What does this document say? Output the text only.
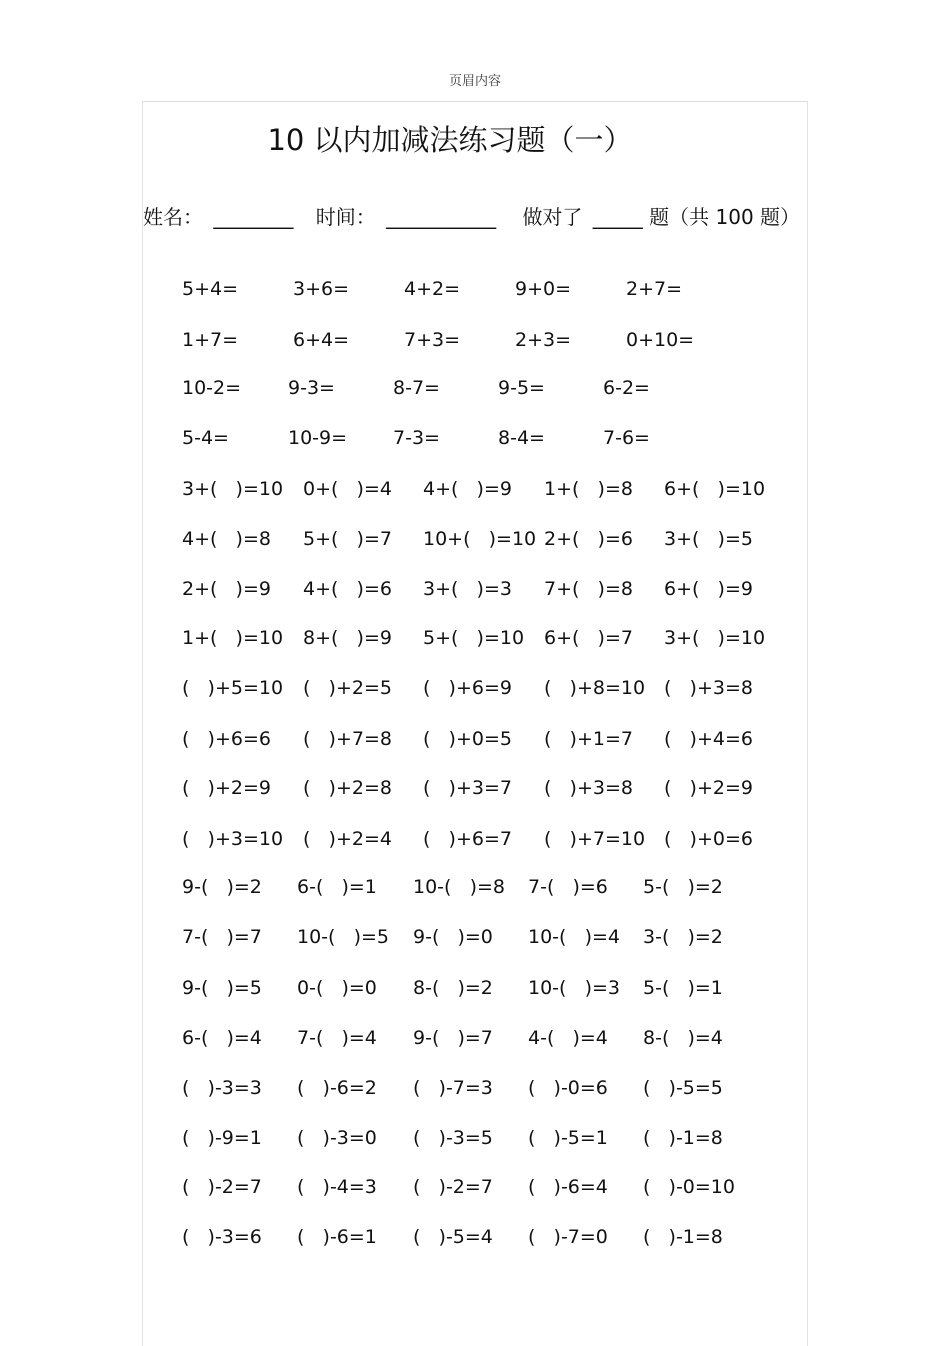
页眉内容
10 以内加减法练习题（一）
姓名： ________ 时间： ___________ 做对了 _____ 题（共 100 题）
5+4=	3+6=	4+2=	9+0=	2+7=
1+7=	6+4=	7+3=	2+3=	0+10=
10-2= 9-3=	8-7=	9-5=	6-2=
5-4=	10-9= 7-3=	8-4=	7-6=
3+(   )=10 0+(   )=4 4+(   )=9 1+(   )=8 6+(   )=10
4+(   )=8 5+(   )=7 10+(   )=10 2+(   )=6 3+(   )=5
2+(   )=9 4+(   )=6 3+(   )=3 7+(   )=8 6+(   )=9
1+(   )=10 8+(   )=9 5+(   )=10 6+(   )=7 3+(   )=10
(   )+5=10 (   )+2=5 (   )+6=9 (   )+8=10 (   )+3=8
(   )+6=6 (   )+7=8 (   )+0=5 (   )+1=7 (   )+4=6
(   )+2=9 (   )+2=8 (   )+3=7 (   )+3=8 (   )+2=9
(   )+3=10 (   )+2=4 (   )+6=7 (   )+7=10 (   )+0=6
9-(   )=2 6-(   )=1 10-(   )=8 7-(   )=6 5-(   )=2
7-(   )=7 10-(   )=5 9-(   )=0 10-(   )=4 3-(   )=2
9-(   )=5 0-(   )=0 8-(   )=2 10-(   )=3 5-(   )=1
6-(   )=4 7-(   )=4 9-(   )=7 4-(   )=4 8-(   )=4
(   )-3=3 (   )-6=2 (   )-7=3 (   )-0=6 (   )-5=5
(   )-9=1 (   )-3=0 (   )-3=5 (   )-5=1 (   )-1=8
(   )-2=7 (   )-4=3 (   )-2=7 (   )-6=4 (   )-0=10
(   )-3=6 (   )-6=1 (   )-5=4 (   )-7=0 (   )-1=8
